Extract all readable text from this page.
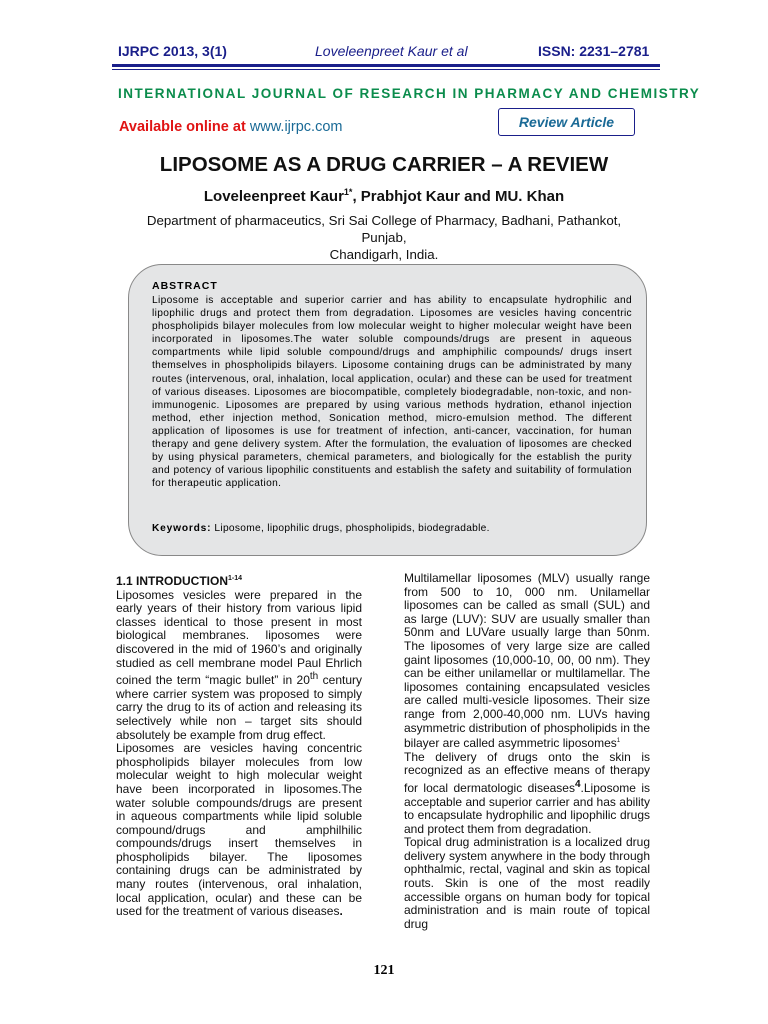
IJRPC 2013, 3(1)	Loveleenpreet Kaur et al	ISSN: 2231–2781
INTERNATIONAL JOURNAL OF RESEARCH IN PHARMACY AND CHEMISTRY
Available online at www.ijrpc.com	Review Article
LIPOSOME AS A DRUG CARRIER – A REVIEW
Loveleenpreet Kaur$^{1*}$, Prabhjot Kaur and MU. Khan
Department of pharmaceutics, Sri Sai College of Pharmacy, Badhani, Pathankot, Punjab,
Chandigarh, India.
ABSTRACT
Liposome is acceptable and superior carrier and has ability to encapsulate hydrophilic and lipophilic drugs and protect them from degradation. Liposomes are vesicles having concentric phospholipids bilayer molecules from low molecular weight to higher molecular weight have been incorporated in liposomes.The water soluble compounds/drugs are present in aqueous compartments while lipid soluble compound/drugs and amphiphilic compounds/ drugs insert themselves in phospholipids bilayers. Liposome containing drugs can be administrated by many routes (intervenous, oral, inhalation, local application, ocular) and these can be used for treatment of various diseases. Liposomes are biocompatible, completely biodegradable, non-toxic, and non-immunogenic. Liposomes are prepared by using various methods hydration, ethanol injection method, ether injection method, Sonication method, micro-emulsion method. The different application of liposomes is use for treatment of infection, anti-cancer, vaccination, for human therapy and gene delivery system. After the formulation, the evaluation of liposomes are checked by using physical parameters, chemical parameters, and biologically for the establish the purity and potency of various lipophilic constituents and establish the safety and suitability of formulation for therapeutic application.
Keywords: Liposome, lipophilic drugs, phospholipids, biodegradable.

1.1 INTRODUCTION$^{1-14}$

Liposomes vesicles were prepared in the early years of their history from various lipid classes identical to those present in most biological membranes. liposomes were discovered in the mid of 1960’s and originally studied as cell membrane model Paul Ehrlich coined the term “magic bullet” in 20th century where carrier system was proposed to simply carry the drug to its of action and releasing its selectively while non – target sits should absolutely be example from drug effect.

Liposomes are vesicles having concentric phospholipids bilayer molecules from low molecular weight to high molecular weight have been incorporated in liposomes.The water soluble compounds/drugs are present in aqueous compartments while lipid soluble compound/drugs and amphilhilic compounds/drugs insert themselves in phospholipids bilayer. The liposomes containing drugs can be administrated by many routes (intervenous, oral inhalation, local application, ocular) and these can be used for the treatment of various diseases.

Multilamellar liposomes (MLV) usually range from 500 to 10, 000 nm. Unilamellar liposomes can be called as small (SUL) and as large (LUV): SUV are usually smaller than 50nm and LUVare usually large than 50nm. The liposomes of very large size are called gaint liposomes (10,000-10, 00, 00 nm). They can be either unilamellar or multilamellar. The liposomes containing encapsulated vesicles are called multi-vesicle liposomes. Their size range from 2,000-40,000 nm. LUVs having asymmetric distribution of phospholipids in the bilayer are called asymmetric liposomes$^1$

The delivery of drugs onto the skin is recognized as an effective means of therapy for local dermatologic diseases$^4$.Liposome is acceptable and superior carrier and has ability to encapsulate hydrophilic and lipophilic drugs and protect them from degradation.

Topical drug administration is a localized drug delivery system anywhere in the body through ophthalmic, rectal, vaginal and skin as topical routs. Skin is one of the most readily accessible organs on human body for topical administration and is main route of topical drug

121
